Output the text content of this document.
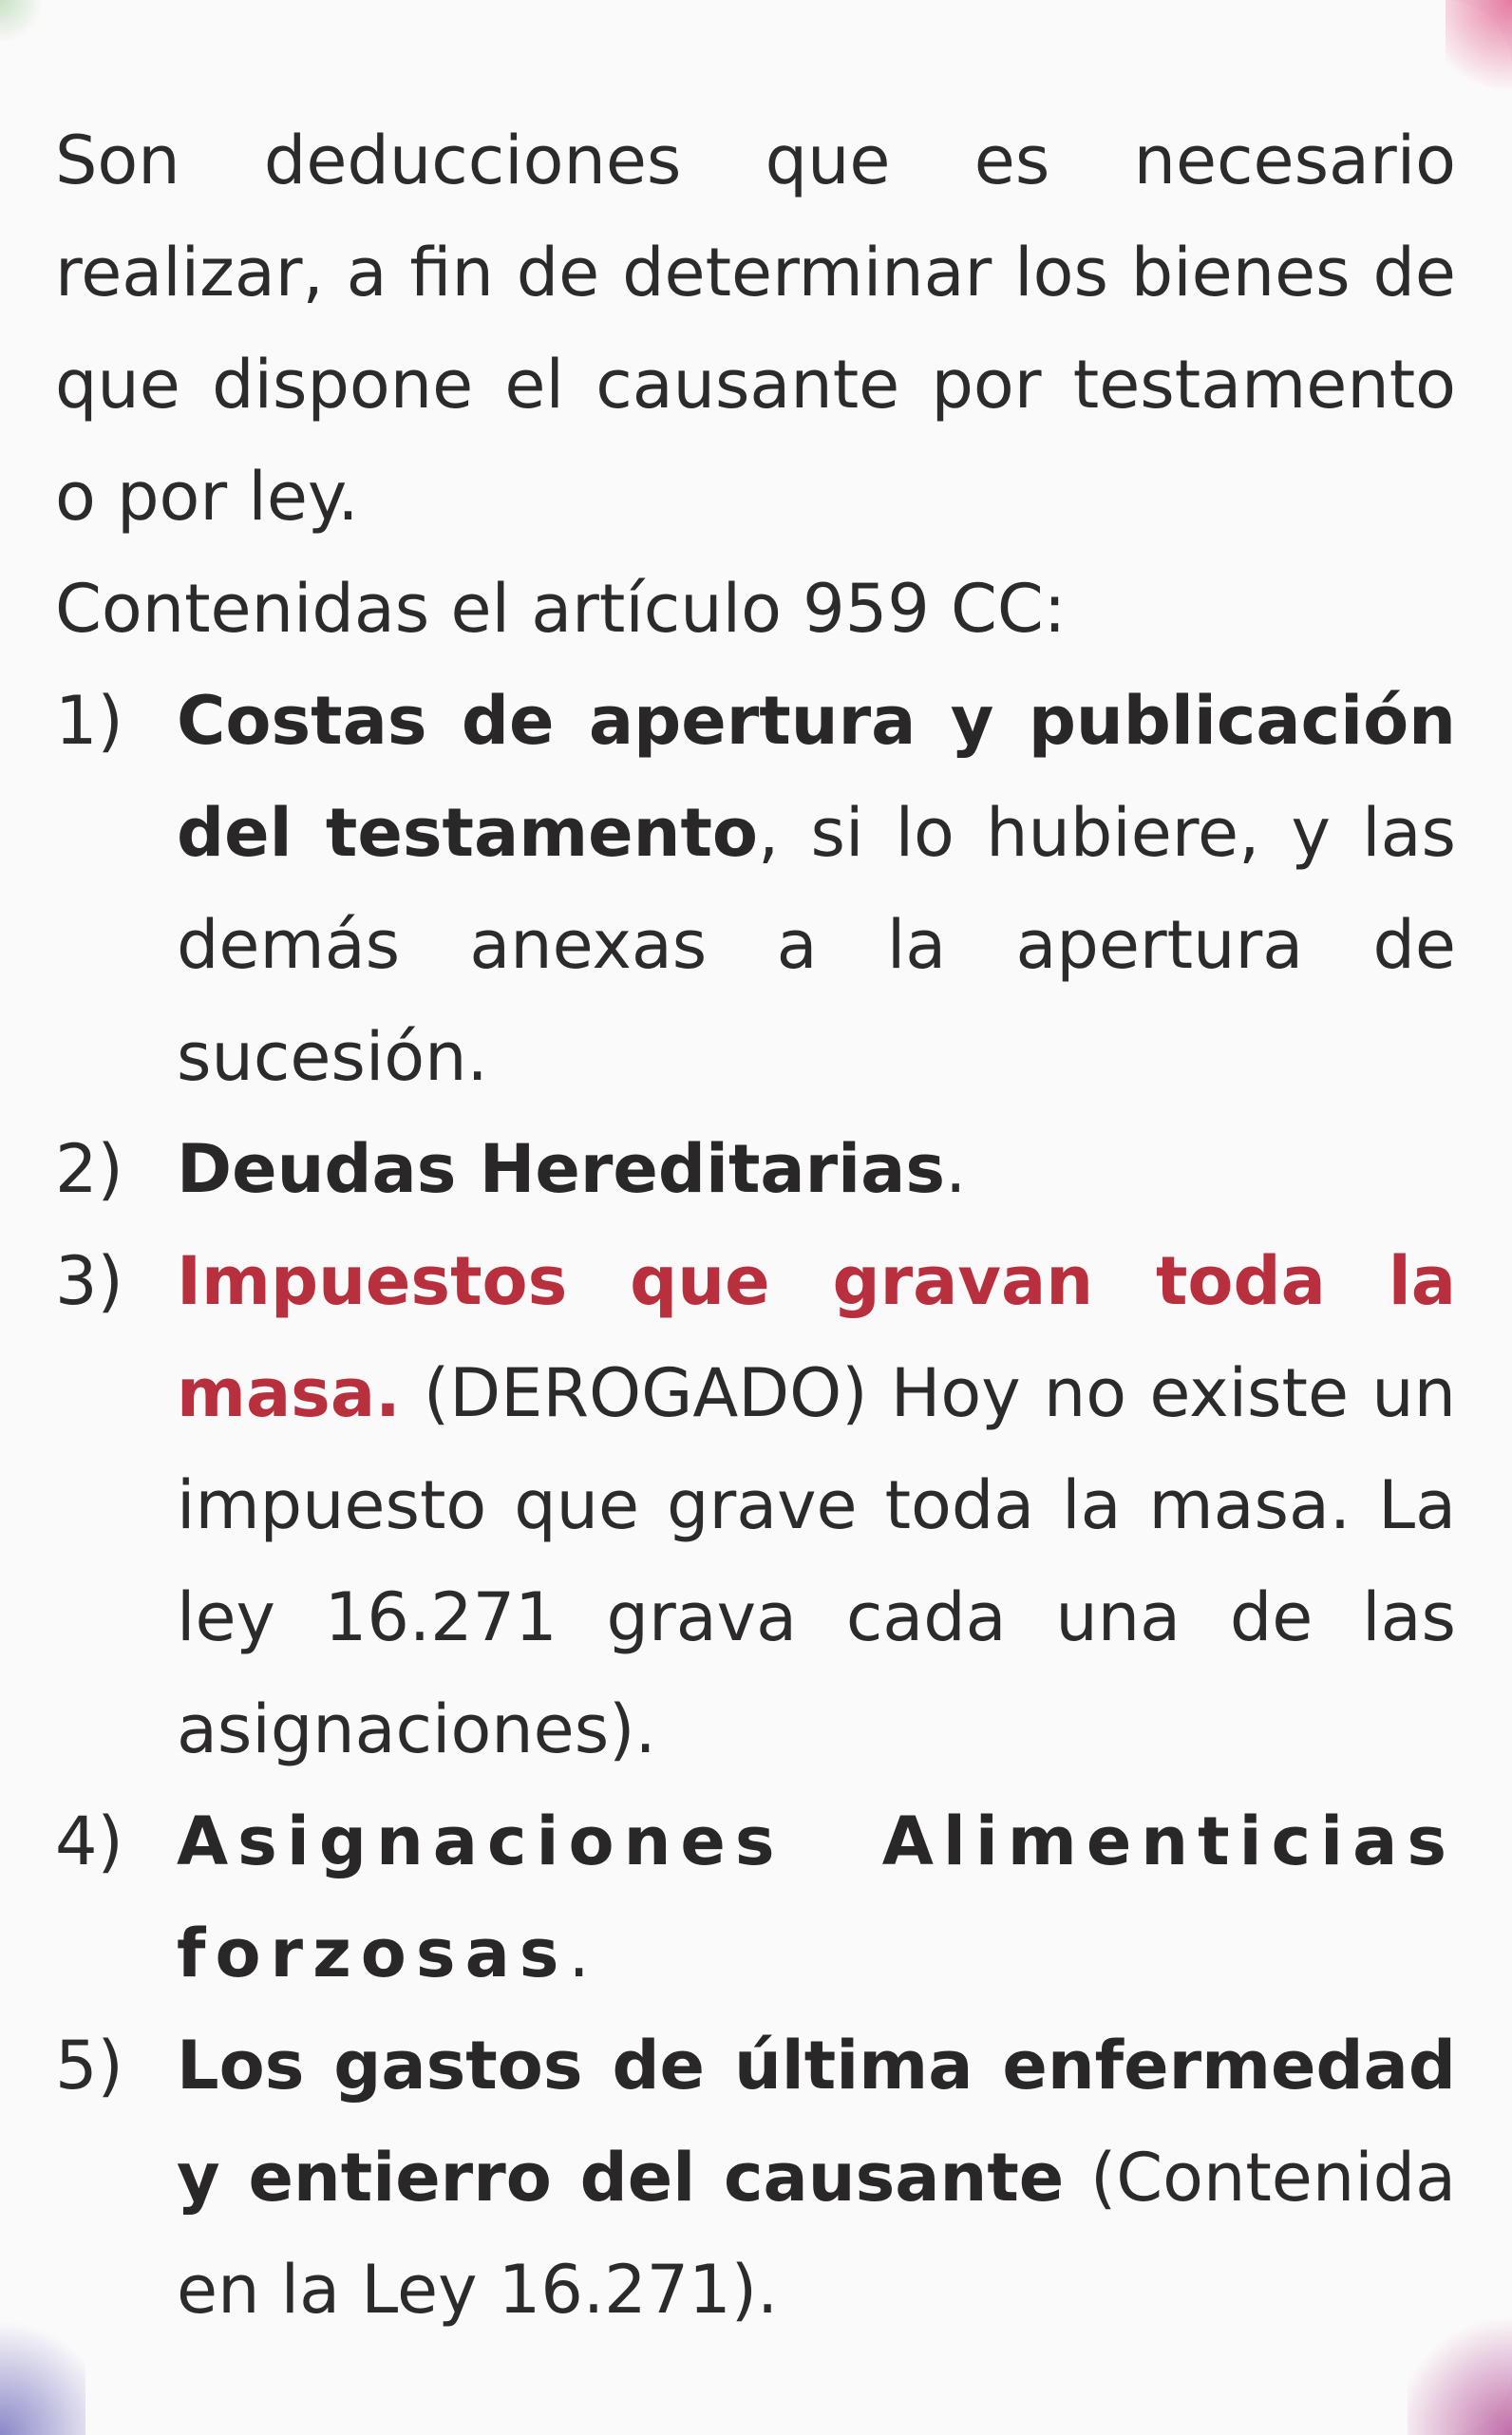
Son deducciones que es necesario realizar, a fin de determinar los bienes de que dispone el causante por testamento o por ley.

Contenidas el artículo 959 CC:

1) Costas de apertura y publicación del testamento, si lo hubiere, y las demás anexas a la apertura de sucesión.
2) Deudas Hereditarias.
3) Impuestos que gravan toda la masa. (DEROGADO) Hoy no existe un impuesto que grave toda la masa. La ley 16.271 grava cada una de las asignaciones).
4) Asignaciones Alimenticias forzosas.
5) Los gastos de última enfermedad y entierro del causante (Contenida en la Ley 16.271).
